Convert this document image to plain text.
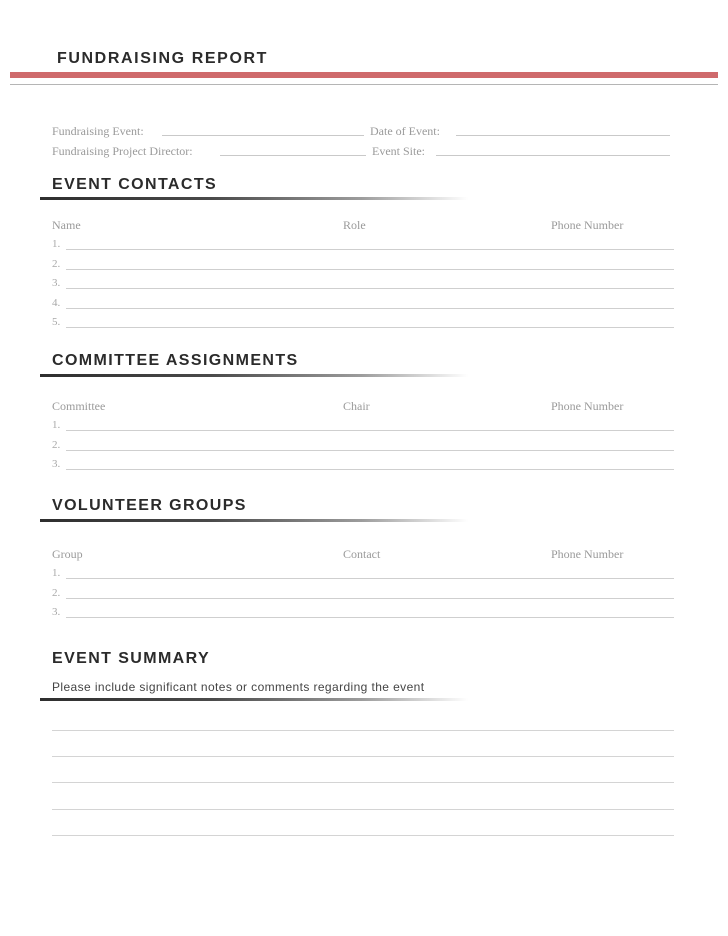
FUNDRAISING REPORT
Fundraising Event:	Date of Event:
Fundraising Project Director:	Event Site:
EVENT CONTACTS
Name	Role	Phone Number
1.
2.
3.
4.
5.
COMMITTEE ASSIGNMENTS
Committee	Chair	Phone Number
1.
2.
3.
VOLUNTEER GROUPS
Group	Contact	Phone Number
1.
2.
3.
EVENT SUMMARY
Please include significant notes or comments regarding the event
